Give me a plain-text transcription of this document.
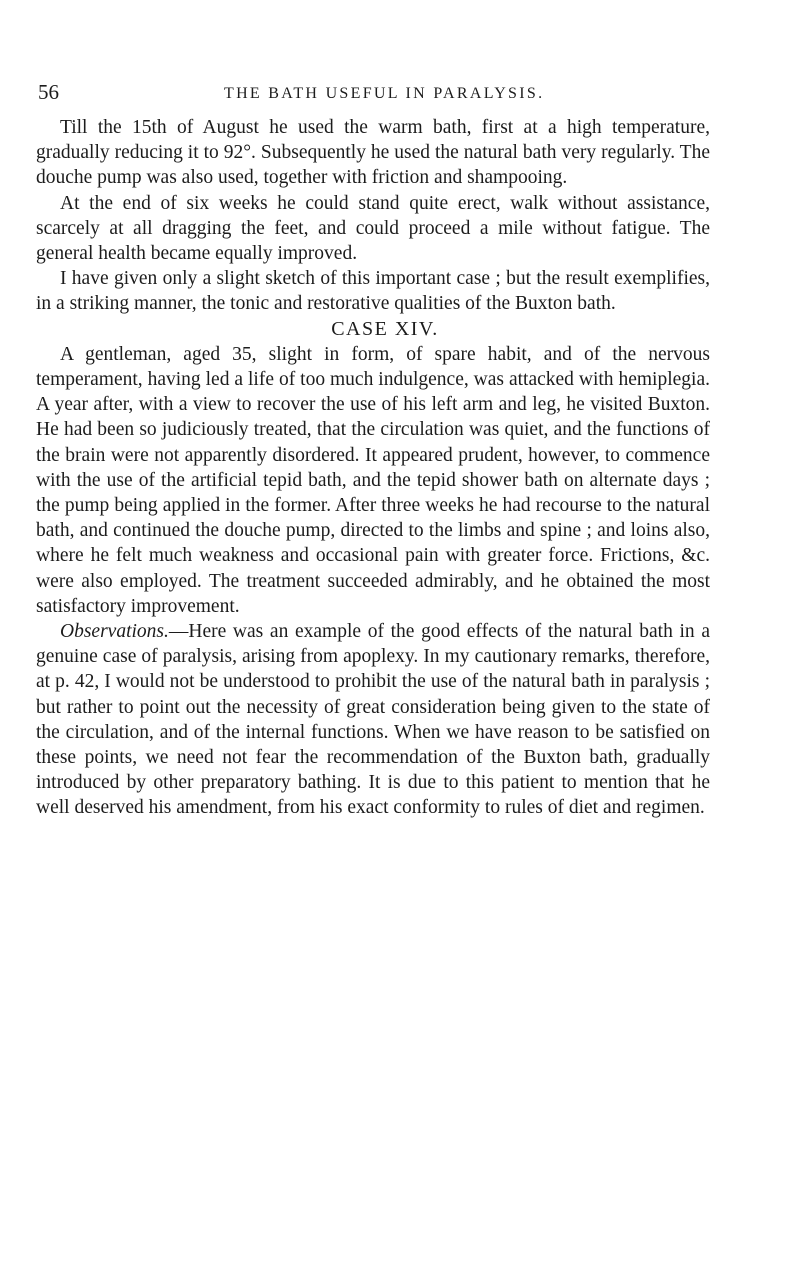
56	THE BATH USEFUL IN PARALYSIS.

Till the 15th of August he used the warm bath, first at a high temperature, gradually reducing it to 92°. Subsequently he used the natural bath very regularly. The douche pump was also used, together with friction and shampooing.

At the end of six weeks he could stand quite erect, walk without assistance, scarcely at all dragging the feet, and could proceed a mile without fatigue. The general health became equally improved.

I have given only a slight sketch of this important case ; but the result exemplifies, in a striking manner, the tonic and restorative qualities of the Buxton bath.

CASE XIV.

A gentleman, aged 35, slight in form, of spare habit, and of the nervous temperament, having led a life of too much indulgence, was attacked with hemiplegia. A year after, with a view to recover the use of his left arm and leg, he visited Buxton. He had been so judiciously treated, that the circulation was quiet, and the functions of the brain were not apparently disordered. It appeared prudent, however, to commence with the use of the artificial tepid bath, and the tepid shower bath on alternate days ; the pump being applied in the former. After three weeks he had recourse to the natural bath, and continued the douche pump, directed to the limbs and spine ; and loins also, where he felt much weakness and occasional pain with greater force. Frictions, &c. were also employed. The treatment succeeded admirably, and he obtained the most satisfactory improvement.

Observations.—Here was an example of the good effects of the natural bath in a genuine case of paralysis, arising from apoplexy. In my cautionary remarks, therefore, at p. 42, I would not be understood to prohibit the use of the natural bath in paralysis ; but rather to point out the necessity of great consideration being given to the state of the circulation, and of the internal functions. When we have reason to be satisfied on these points, we need not fear the recommendation of the Buxton bath, gradually introduced by other preparatory bathing. It is due to this patient to mention that he well deserved his amendment, from his exact conformity to rules of diet and regimen.
